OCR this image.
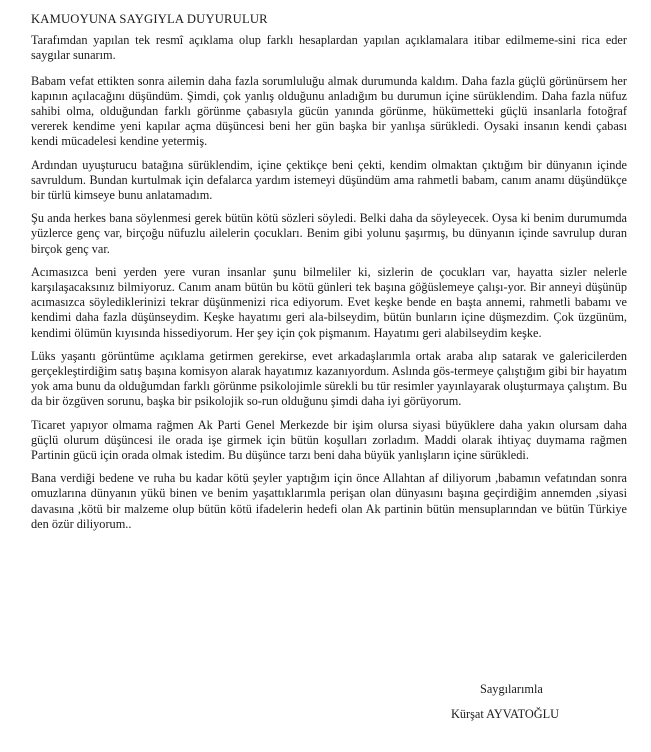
KAMUOYUNA SAYGIYLA DUYURULUR

Tarafımdan yapılan tek resmî açıklama olup farklı hesaplardan yapılan açıklamalara itibar edilmeme-sini rica eder saygılar sunarım.

Babam vefat ettikten sonra ailemin daha fazla sorumluluğu almak durumunda kaldım. Daha fazla güçlü görünürsem her kapının açılacağını düşündüm. Şimdi, çok yanlış olduğunu anladığım bu durumun içine sürüklendim. Daha fazla nüfuz sahibi olma, olduğundan farklı görünme çabasıyla gücün yanında görünme, hükümetteki güçlü insanlarla fotoğraf vererek kendime yeni kapılar açma düşüncesi beni her gün başka bir yanlışa sürükledi. Oysaki insanın kendi çabası kendi mücadelesi kendine yetermiş.

Ardından uyuşturucu batağına sürüklendim, içine çektikçe beni çekti, kendim olmaktan çıktığım bir dünyanın içinde savruldum. Bundan kurtulmak için defalarca yardım istemeyi düşündüm ama rahmetli babam, canım anamı düşündükçe bir türlü kimseye bunu anlatamadım.

Şu anda herkes bana söylenmesi gerek bütün kötü sözleri söyledi. Belki daha da söyleyecek. Oysa ki benim durumumda yüzlerce genç var, birçoğu nüfuzlu ailelerin çocukları. Benim gibi yolunu şaşırmış, bu dünyanın içinde savrulup duran birçok genç var.

Acımasızca beni yerden yere vuran insanlar şunu bilmeliler ki, sizlerin de çocukları var, hayatta sizler nelerle karşılaşacaksınız bilmiyoruz. Canım anam bütün bu kötü günleri tek başına göğüslemeye çalışı-yor. Bir anneyi düşünüp acımasızca söylediklerinizi tekrar düşünmenizi rica ediyorum. Evet keşke bende en başta annemi, rahmetli babamı ve kendimi daha fazla düşünseydim. Keşke hayatımı geri ala-bilseydim, bütün bunların içine düşmezdim. Çok üzgünüm, kendimi ölümün kıyısında hissediyorum. Her şey için çok pişmanım. Hayatımı geri alabilseydim keşke.

Lüks yaşantı görüntüme açıklama getirmen gerekirse, evet arkadaşlarımla ortak araba alıp satarak ve galericilerden gerçekleştirdiğim satış başına komisyon alarak hayatımız kazanıyordum. Aslında gös-termeye çalıştığım gibi bir hayatım yok ama bunu da olduğumdan farklı görünme psikolojimle sürekli bu tür resimler yayınlayarak oluşturmaya çalıştım. Bu da bir özgüven sorunu, başka bir psikolojik so-run olduğunu şimdi daha iyi görüyorum.

Ticaret yapıyor olmama rağmen Ak Parti Genel Merkezde bir işim olursa siyasi büyüklere daha yakın olursam daha güçlü olurum düşüncesi ile orada işe girmek için bütün koşulları zorladım. Maddi olarak ihtiyaç duymama rağmen Partinin gücü için orada olmak istedim. Bu düşünce tarzı beni daha büyük yanlışların içine sürükledi.

Bana verdiği bedene ve ruha bu kadar kötü şeyler yaptığım için önce Allahtan af diliyorum ,babamın vefatından sonra omuzlarına dünyanın yükü binen ve benim yaşattıklarımla perişan olan dünyasını başına geçirdiğim annemden ,siyasi davasına ,kötü bir malzeme olup bütün kötü ifadelerin hedefi olan Ak partinin bütün mensuplarından ve bütün Türkiye den özür diliyorum..

Saygılarımla
Kürşat AYVATOĞLU
